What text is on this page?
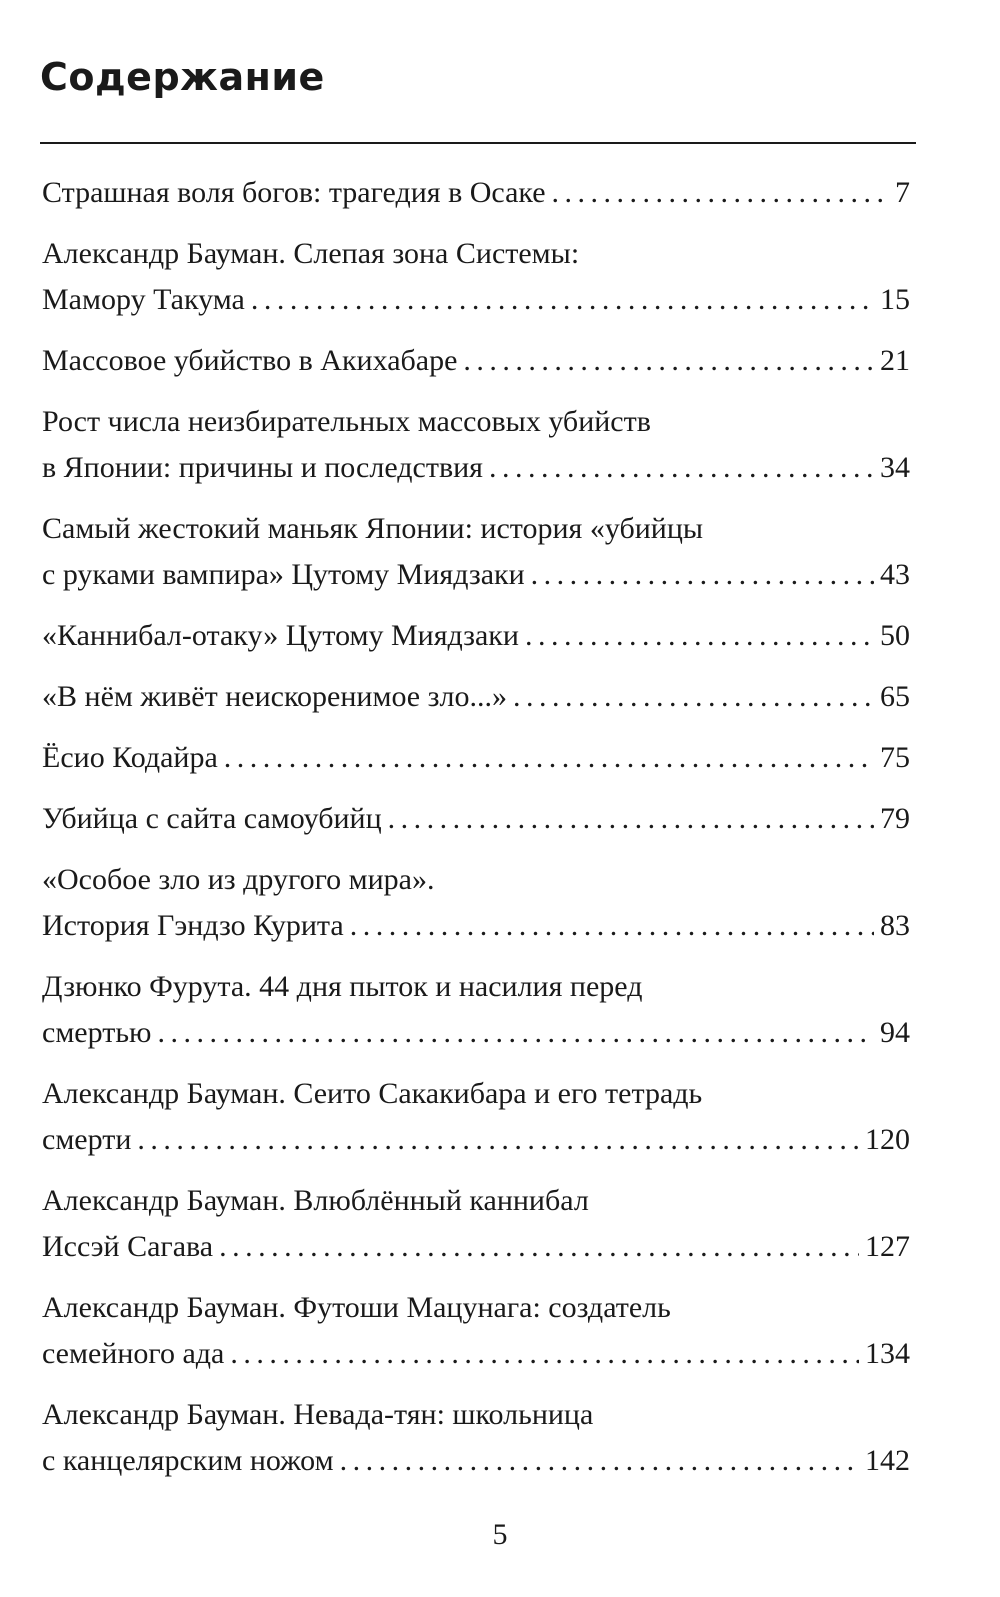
Содержание
Страшная воля богов: трагедия в Осаке . . .	7
Александр Бауман. Слепая зона Системы:
Мамору Такума . . .	15
Массовое убийство в Акихабаре . . .	21
Рост числа неизбирательных массовых убийств
в Японии: причины и последствия . . .	34
Самый жестокий маньяк Японии: история «убийцы
с руками вампира» Цутому Миядзаки . . .	43
«Каннибал-отаку» Цутому Миядзаки . . .	50
«В нём живёт неискоренимое зло...» . . .	65
Ёсио Кодайра . . .	75
Убийца с сайта самоубийц . . .	79
«Особое зло из другого мира».
История Гэндзо Курита . . .	83
Дзюнко Фурута. 44 дня пыток и насилия перед
смертью . . .	94
Александр Бауман. Сеито Сакакибара и его тетрадь
смерти . . .	120
Александр Бауман. Влюблённый каннибал
Иссэй Сагава . . .	127
Александр Бауман. Футоши Мацунага: создатель
семейного ада . . .	134
Александр Бауман. Невада-тян: школьница
с канцелярским ножом . . .	142
5
